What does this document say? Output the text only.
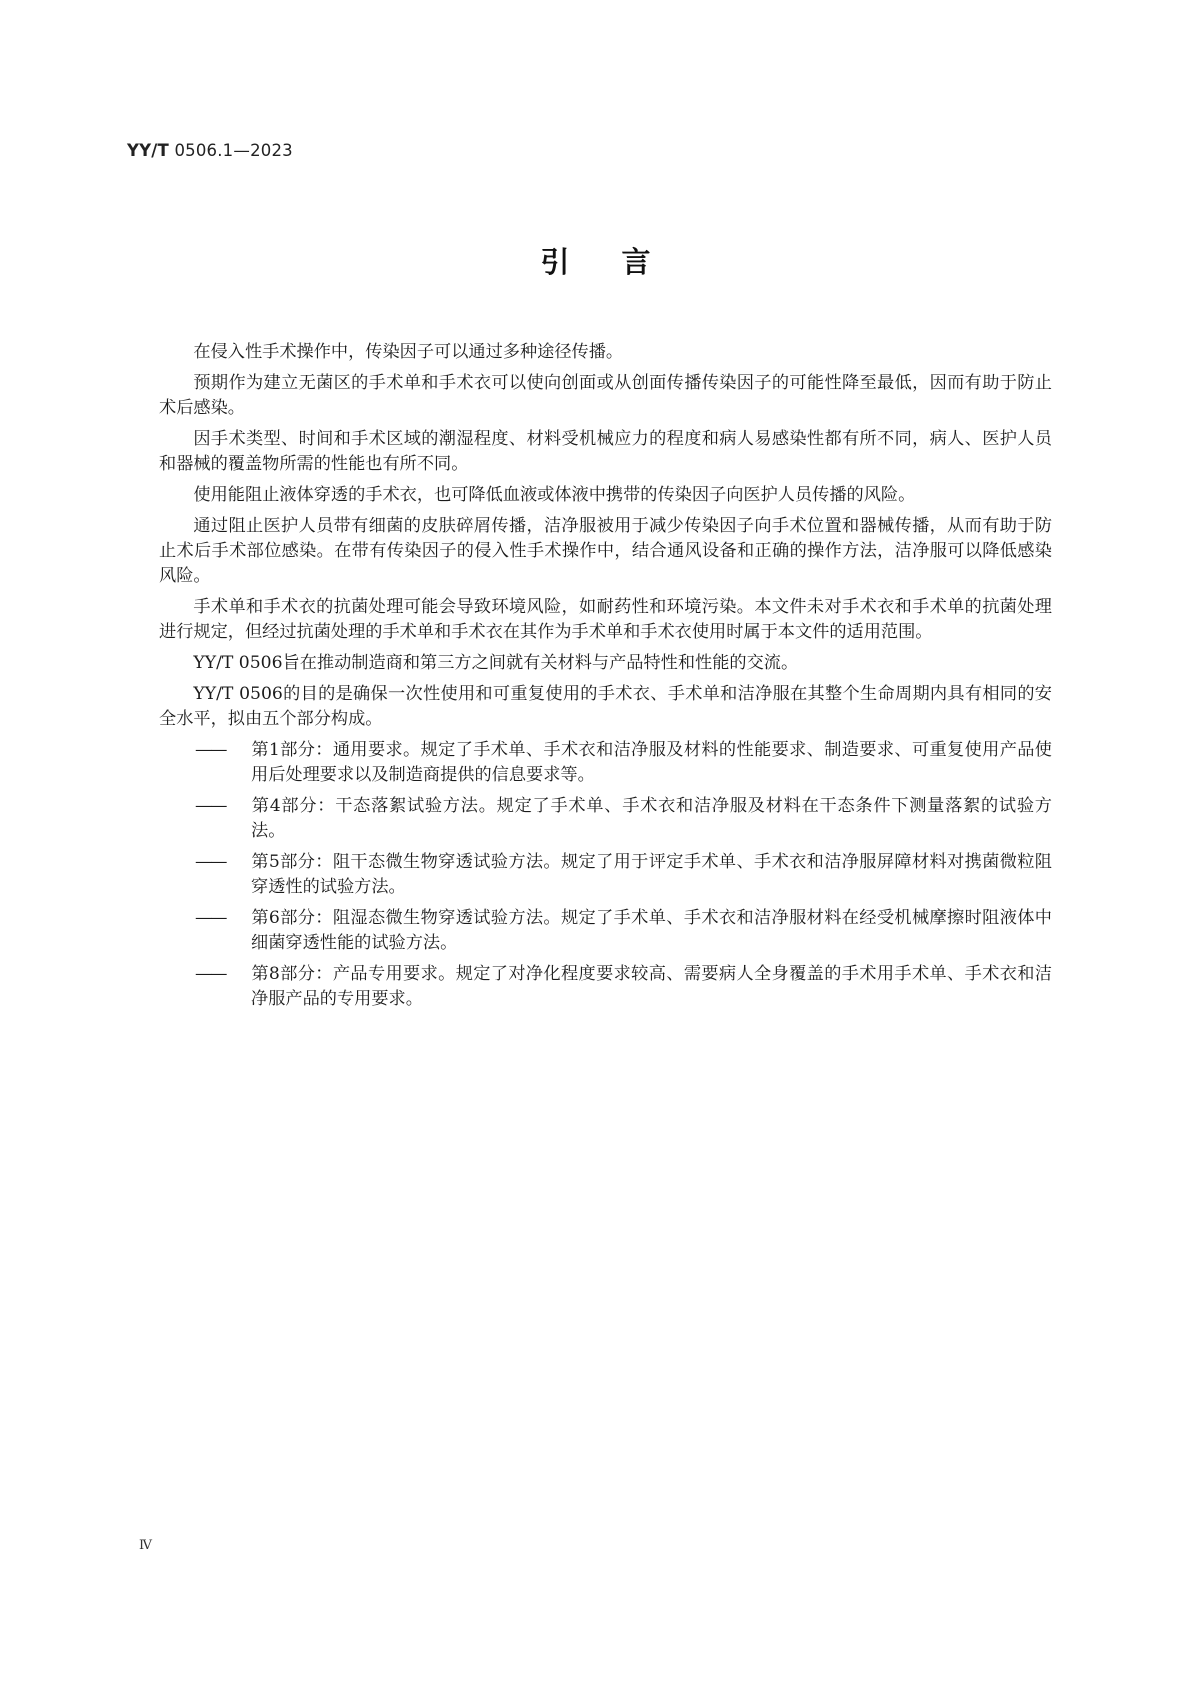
YY/T 0506.1—2023
引言

在侵入性手术操作中，传染因子可以通过多种途径传播。

预期作为建立无菌区的手术单和手术衣可以使向创面或从创面传播传染因子的可能性降至最低，因而有助于防止术后感染。

因手术类型、时间和手术区域的潮湿程度、材料受机械应力的程度和病人易感染性都有所不同，病人、医护人员和器械的覆盖物所需的性能也有所不同。

使用能阻止液体穿透的手术衣，也可降低血液或体液中携带的传染因子向医护人员传播的风险。

通过阻止医护人员带有细菌的皮肤碎屑传播，洁净服被用于减少传染因子向手术位置和器械传播，从而有助于防止术后手术部位感染。在带有传染因子的侵入性手术操作中，结合通风设备和正确的操作方法，洁净服可以降低感染风险。

手术单和手术衣的抗菌处理可能会导致环境风险，如耐药性和环境污染。本文件未对手术衣和手术单的抗菌处理进行规定，但经过抗菌处理的手术单和手术衣在其作为手术单和手术衣使用时属于本文件的适用范围。

YY/T 0506旨在推动制造商和第三方之间就有关材料与产品特性和性能的交流。

YY/T 0506的目的是确保一次性使用和可重复使用的手术衣、手术单和洁净服在其整个生命周期内具有相同的安全水平，拟由五个部分构成。

—— 第1部分：通用要求。规定了手术单、手术衣和洁净服及材料的性能要求、制造要求、可重复使用产品使用后处理要求以及制造商提供的信息要求等。
—— 第4部分：干态落絮试验方法。规定了手术单、手术衣和洁净服及材料在干态条件下测量落絮的试验方法。
—— 第5部分：阻干态微生物穿透试验方法。规定了用于评定手术单、手术衣和洁净服屏障材料对携菌微粒阻穿透性的试验方法。
—— 第6部分：阻湿态微生物穿透试验方法。规定了手术单、手术衣和洁净服材料在经受机械摩擦时阻液体中细菌穿透性能的试验方法。
—— 第8部分：产品专用要求。规定了对净化程度要求较高、需要病人全身覆盖的手术用手术单、手术衣和洁净服产品的专用要求。
Ⅳ
